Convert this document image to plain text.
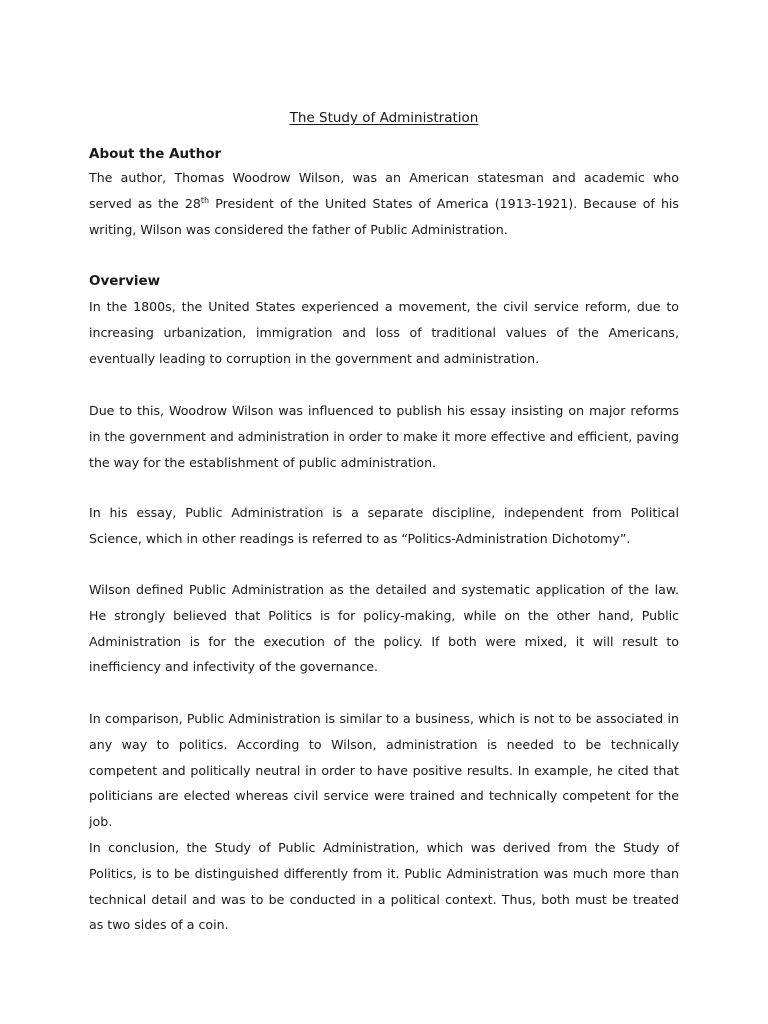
The Study of Administration
About the Author

The author, Thomas Woodrow Wilson, was an American statesman and academic who served as the 28th President of the United States of America (1913-1921). Because of his writing, Wilson was considered the father of Public Administration.

Overview

In the 1800s, the United States experienced a movement, the civil service reform, due to increasing urbanization, immigration and loss of traditional values of the Americans, eventually leading to corruption in the government and administration.

Due to this, Woodrow Wilson was influenced to publish his essay insisting on major reforms in the government and administration in order to make it more effective and efficient, paving the way for the establishment of public administration.

In his essay, Public Administration is a separate discipline, independent from Political Science, which in other readings is referred to as “Politics-Administration Dichotomy”.

Wilson defined Public Administration as the detailed and systematic application of the law. He strongly believed that Politics is for policy-making, while on the other hand, Public Administration is for the execution of the policy. If both were mixed, it will result to inefficiency and infectivity of the governance.

In comparison, Public Administration is similar to a business, which is not to be associated in any way to politics. According to Wilson, administration is needed to be technically competent and politically neutral in order to have positive results. In example, he cited that politicians are elected whereas civil service were trained and technically competent for the job.

In conclusion, the Study of Public Administration, which was derived from the Study of Politics, is to be distinguished differently from it. Public Administration was much more than technical detail and was to be conducted in a political context. Thus, both must be treated as two sides of a coin.
